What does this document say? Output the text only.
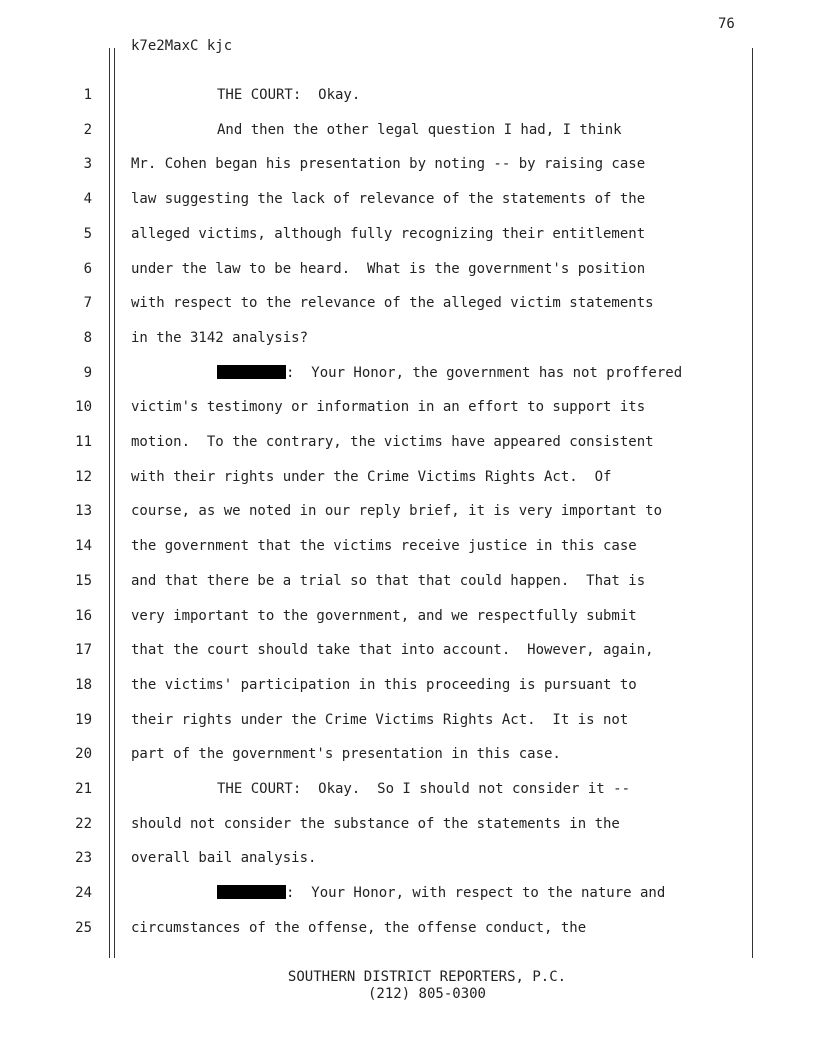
76
k7e2MaxC kjc
1	THE COURT:  Okay.
2	And then the other legal question I had, I think
3	Mr. Cohen began his presentation by noting -- by raising case
4	law suggesting the lack of relevance of the statements of the
5	alleged victims, although fully recognizing their entitlement
6	under the law to be heard.  What is the government's position
7	with respect to the relevance of the alleged victim statements
8	in the 3142 analysis?
9	:  Your Honor, the government has not proffered
10	victim's testimony or information in an effort to support its
11	motion.  To the contrary, the victims have appeared consistent
12	with their rights under the Crime Victims Rights Act.  Of
13	course, as we noted in our reply brief, it is very important to
14	the government that the victims receive justice in this case
15	and that there be a trial so that that could happen.  That is
16	very important to the government, and we respectfully submit
17	that the court should take that into account.  However, again,
18	the victims' participation in this proceeding is pursuant to
19	their rights under the Crime Victims Rights Act.  It is not
20	part of the government's presentation in this case.
21	THE COURT:  Okay.  So I should not consider it --
22	should not consider the substance of the statements in the
23	overall bail analysis.
24	:  Your Honor, with respect to the nature and
25	circumstances of the offense, the offense conduct, the
SOUTHERN DISTRICT REPORTERS, P.C.
(212) 805-0300
